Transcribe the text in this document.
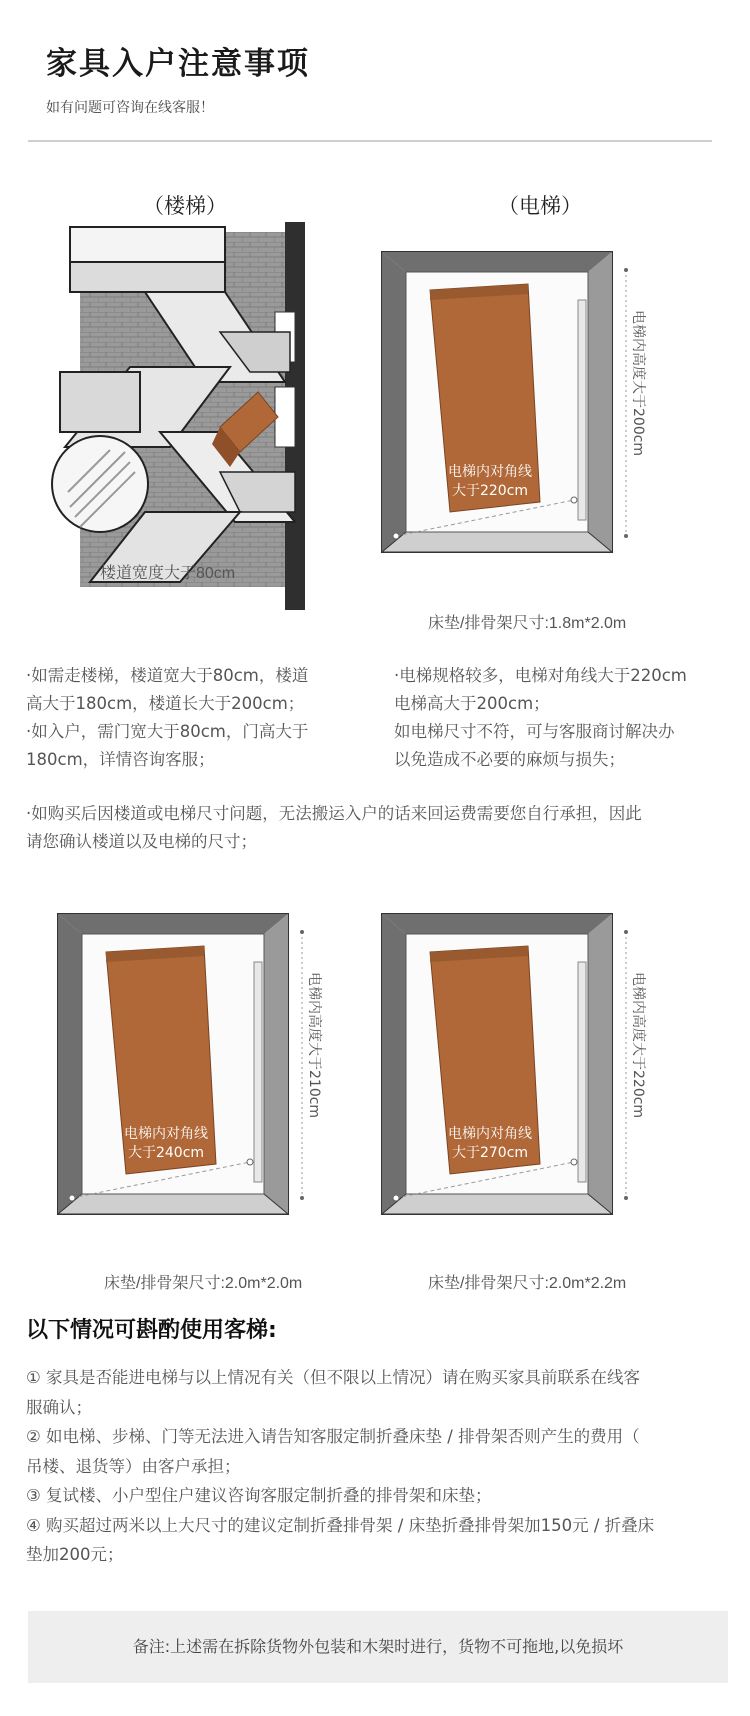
家具入户注意事项
如有问题可咨询在线客服！
（楼梯）	（电梯）
楼道宽度大于80cm
电梯内对角线
大于220cm
电梯内高度大于200cm
床垫/排骨架尺寸:1.8m*2.0m

·如需走楼梯，楼道宽大于80cm，楼道

高大于180cm，楼道长大于200cm；

·如入户，需门宽大于80cm，门高大于

180cm，详情咨询客服；

·电梯规格较多，电梯对角线大于220cm

电梯高大于200cm；

如电梯尺寸不符，可与客服商讨解决办

以免造成不必要的麻烦与损失；

·如购买后因楼道或电梯尺寸问题，无法搬运入户的话来回运费需要您自行承担，因此

请您确认楼道以及电梯的尺寸；

电梯内对角线
大于240cm
电梯内高度大于210cm
床垫/排骨架尺寸:2.0m*2.0m
电梯内对角线
大于270cm
电梯内高度大于220cm
床垫/排骨架尺寸:2.0m*2.2m
以下情况可斟酌使用客梯:

① 家具是否能进电梯与以上情况有关（但不限以上情况）请在购买家具前联系在线客

服确认；

② 如电梯、步梯、门等无法进入请告知客服定制折叠床垫 / 排骨架否则产生的费用（

吊楼、退货等）由客户承担；

③ 复试楼、小户型住户建议咨询客服定制折叠的排骨架和床垫；

④ 购买超过两米以上大尺寸的建议定制折叠排骨架 / 床垫折叠排骨架加150元 / 折叠床

垫加200元；

备注:上述需在拆除货物外包装和木架时进行，货物不可拖地,以免损坏
